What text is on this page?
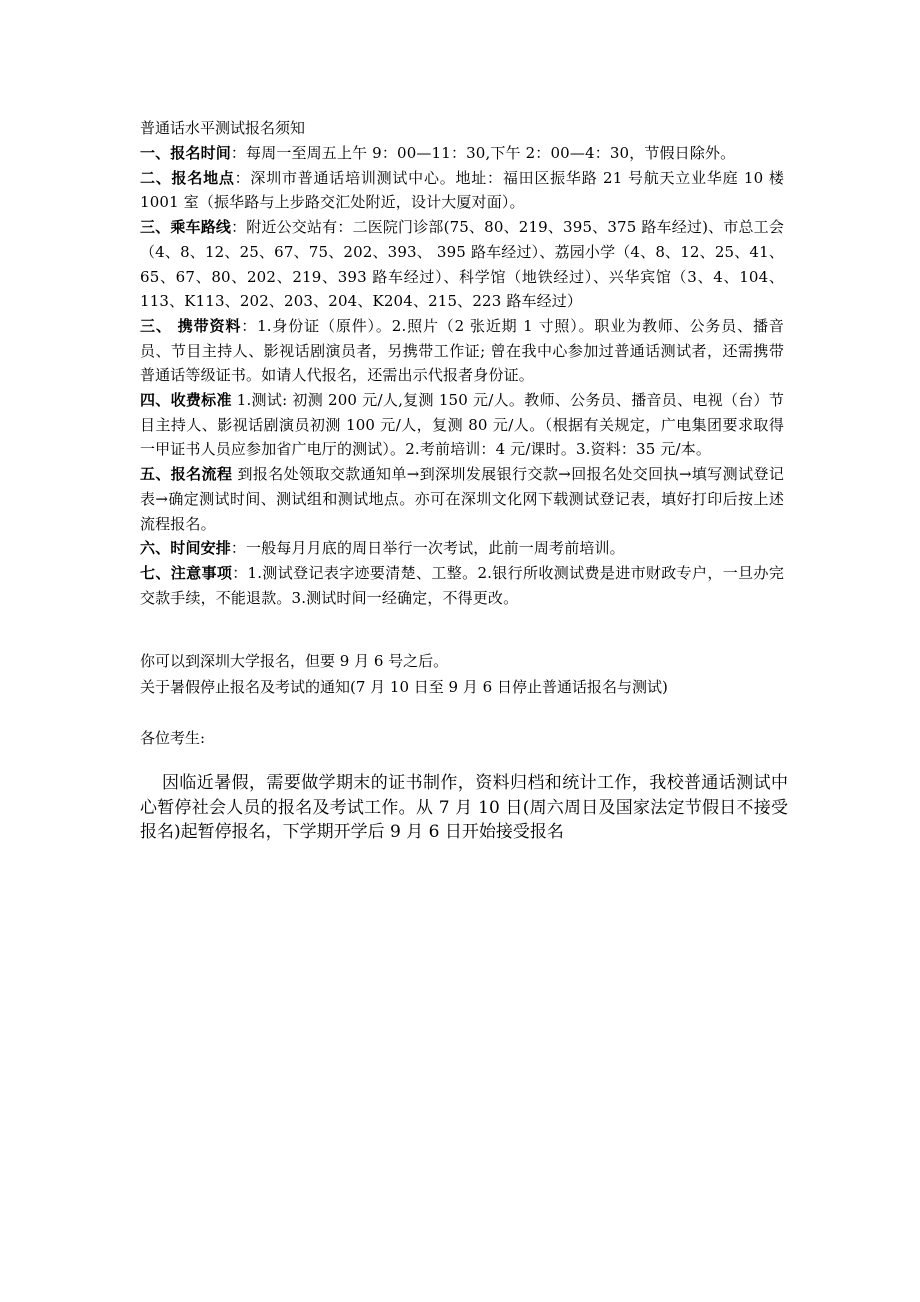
普通话水平测试报名须知

一、报名时间：每周一至周五上午 9：00—11：30,下午 2：00—4：30，节假日除外。

二、报名地点：深圳市普通话培训测试中心。地址：福田区振华路 21 号航天立业华庭 10 楼 1001 室（振华路与上步路交汇处附近，设计大厦对面）。

三、乘车路线：附近公交站有：二医院门诊部(75、80、219、395、375 路车经过)、市总工会（4、8、12、25、67、75、202、393、 395 路车经过）、荔园小学（4、8、12、25、41、65、67、80、202、219、393 路车经过）、科学馆（地铁经过）、兴华宾馆（3、4、104、113、K113、202、203、204、K204、215、223 路车经过）

三、 携带资料：1.身份证（原件）。2.照片（2 张近期 1 寸照）。职业为教师、公务员、播音员、节目主持人、影视话剧演员者，另携带工作证; 曾在我中心参加过普通话测试者，还需携带普通话等级证书。如请人代报名，还需出示代报者身份证。

四、收费标准 1.测试: 初测 200 元/人,复测 150 元/人。教师、公务员、播音员、电视（台）节目主持人、影视话剧演员初测 100 元/人，复测 80 元/人。（根据有关规定，广电集团要求取得一甲证书人员应参加省广电厅的测试）。2.考前培训：4 元/课时。3.资料：35 元/本。

五、报名流程 到报名处领取交款通知单→到深圳发展银行交款→回报名处交回执→填写测试登记表→确定测试时间、测试组和测试地点。亦可在深圳文化网下载测试登记表，填好打印后按上述流程报名。

六、时间安排：一般每月月底的周日举行一次考试，此前一周考前培训。

七、注意事项：1.测试登记表字迹要清楚、工整。2.银行所收测试费是进市财政专户，一旦办完交款手续，不能退款。3.测试时间一经确定，不得更改。

你可以到深圳大学报名，但要 9 月 6 号之后。
关于暑假停止报名及考试的通知(7 月 10 日至 9 月 6 日停止普通话报名与测试)
各位考生:
因临近暑假，需要做学期末的证书制作，资料归档和统计工作，我校普通话测试中心暂停社会人员的报名及考试工作。从 7 月 10 日(周六周日及国家法定节假日不接受报名)起暂停报名，下学期开学后 9 月 6 日开始接受报名
